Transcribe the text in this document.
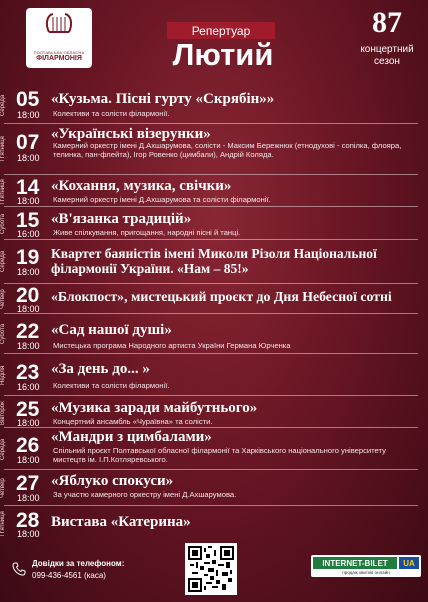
ПОЛТАВСЬКА ОБЛАСНА
ФІЛАРМОНІЯ
Репертуар
Лютий
87
концертний
сезон
Середа 05
18:00
«Кузьма. Пісні гурту «Скрябін»»
Колективи та солісти філармонії.
П'ятниця 07
18:00
«Українські візерунки»
Камерний оркестр імені Д.Ахшарумова, солісти - Максим Бережнюк (етнодухові - сопілка, флояра, телинка, пан-флейта), Ігор Ровенко (цимбали), Андрій Коляда.
П'ятниця 14
18:00
«Кохання, музика, свічки»
Камерний оркестр імені Д.Ахшарумова та солісти філармонії.
Субота 15
16:00
«В'язанка традицій»
Живе спілкування, пригощання, народні пісні й танці.
Середа 19
18:00
Квартет баяністів імені Миколи Різоля Національної філармонії України. «Нам – 85!»
Четвер 20
18:00
«Блокпост», мистецький проєкт до Дня Небесної сотні
Субота 22
18:00
«Сад нашої душі»
Мистецька програма Народного артиста України Германа Юрченка
Неділя 23
16:00
«За день до... »
Колективи та солісти філармонії.
Вівторок 25
18:00
«Музика заради майбутнього»
Концертний ансамбль «Чураївна» та солісти.
Середа 26
18:00
«Мандри з цимбалами»
Спільний проєкт Полтавської обласної філармонії та Харківського національного університету мистецтв ім. І.П.Котляревського.
Четвер 27
18:00
«Яблуко спокуси»
За участю камерного оркестру імені Д.Ахшарумова.
П'ятниця 28
18:00
Вистава «Катерина»
Довідки за телефоном:
099-436-4561 (каса)
INTERNET-BILET	UA
продаж квитків онлайн
